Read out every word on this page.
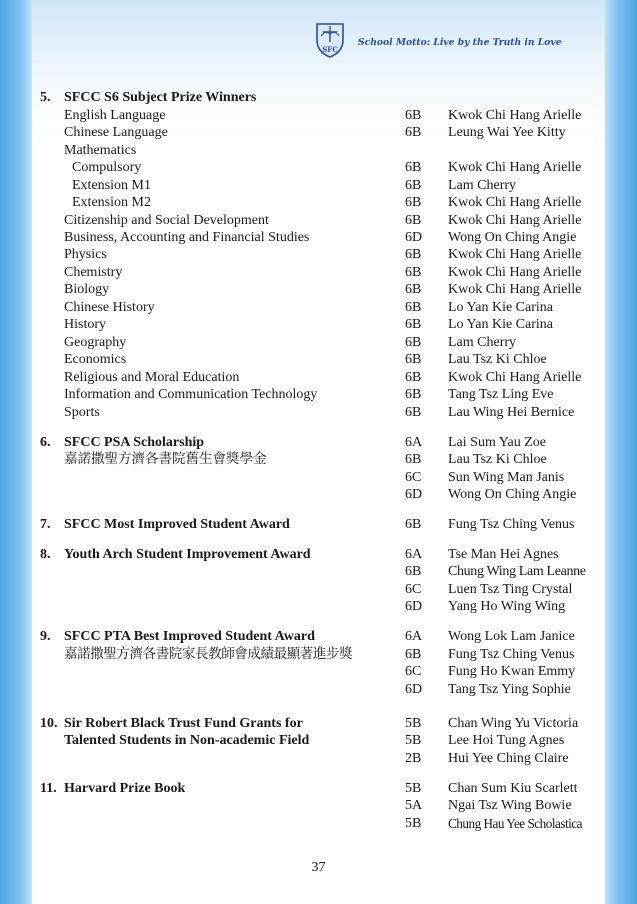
SFC
School Motto: Live by the Truth in Love
5. SFCC S6 Subject Prize Winners
English Language	6B Kwok Chi Hang Arielle
Chinese Language	6B Leung Wai Yee Kitty
Mathematics
Compulsory	6B Kwok Chi Hang Arielle
Extension M1	6B Lam Cherry
Extension M2	6B Kwok Chi Hang Arielle
Citizenship and Social Development	6B Kwok Chi Hang Arielle
Business, Accounting and Financial Studies	6D Wong On Ching Angie
Physics	6B Kwok Chi Hang Arielle
Chemistry	6B Kwok Chi Hang Arielle
Biology	6B Kwok Chi Hang Arielle
Chinese History	6B Lo Yan Kie Carina
History	6B Lo Yan Kie Carina
Geography	6B Lam Cherry
Economics	6B Lau Tsz Ki Chloe
Religious and Moral Education	6B Kwok Chi Hang Arielle
Information and Communication Technology	6B Tang Tsz Ling Eve
Sports	6B Lau Wing Hei Bernice
6. SFCC PSA Scholarship	6A Lai Sum Yau Zoe
嘉諾撒聖方濟各書院舊生會獎學金	6B Lau Tsz Ki Chloe
6C Sun Wing Man Janis
6D Wong On Ching Angie
7. SFCC Most Improved Student Award	6B Fung Tsz Ching Venus
8. Youth Arch Student Improvement Award	6A Tse Man Hei Agnes
6B Chung Wing Lam Leanne
6C Luen Tsz Ting Crystal
6D Yang Ho Wing Wing
9. SFCC PTA Best Improved Student Award	6A Wong Lok Lam Janice
嘉諾撒聖方濟各書院家長教師會成績最顯著進步獎	6B Fung Tsz Ching Venus
6C Fung Ho Kwan Emmy
6D Tang Tsz Ying Sophie
10. Sir Robert Black Trust Fund Grants for	5B Chan Wing Yu Victoria
Talented Students in Non-academic Field	5B Lee Hoi Tung Agnes
2B Hui Yee Ching Claire
11. Harvard Prize Book	5B Chan Sum Kiu Scarlett
5A Ngai Tsz Wing Bowie
5B Chung Hau Yee Scholastica
37
